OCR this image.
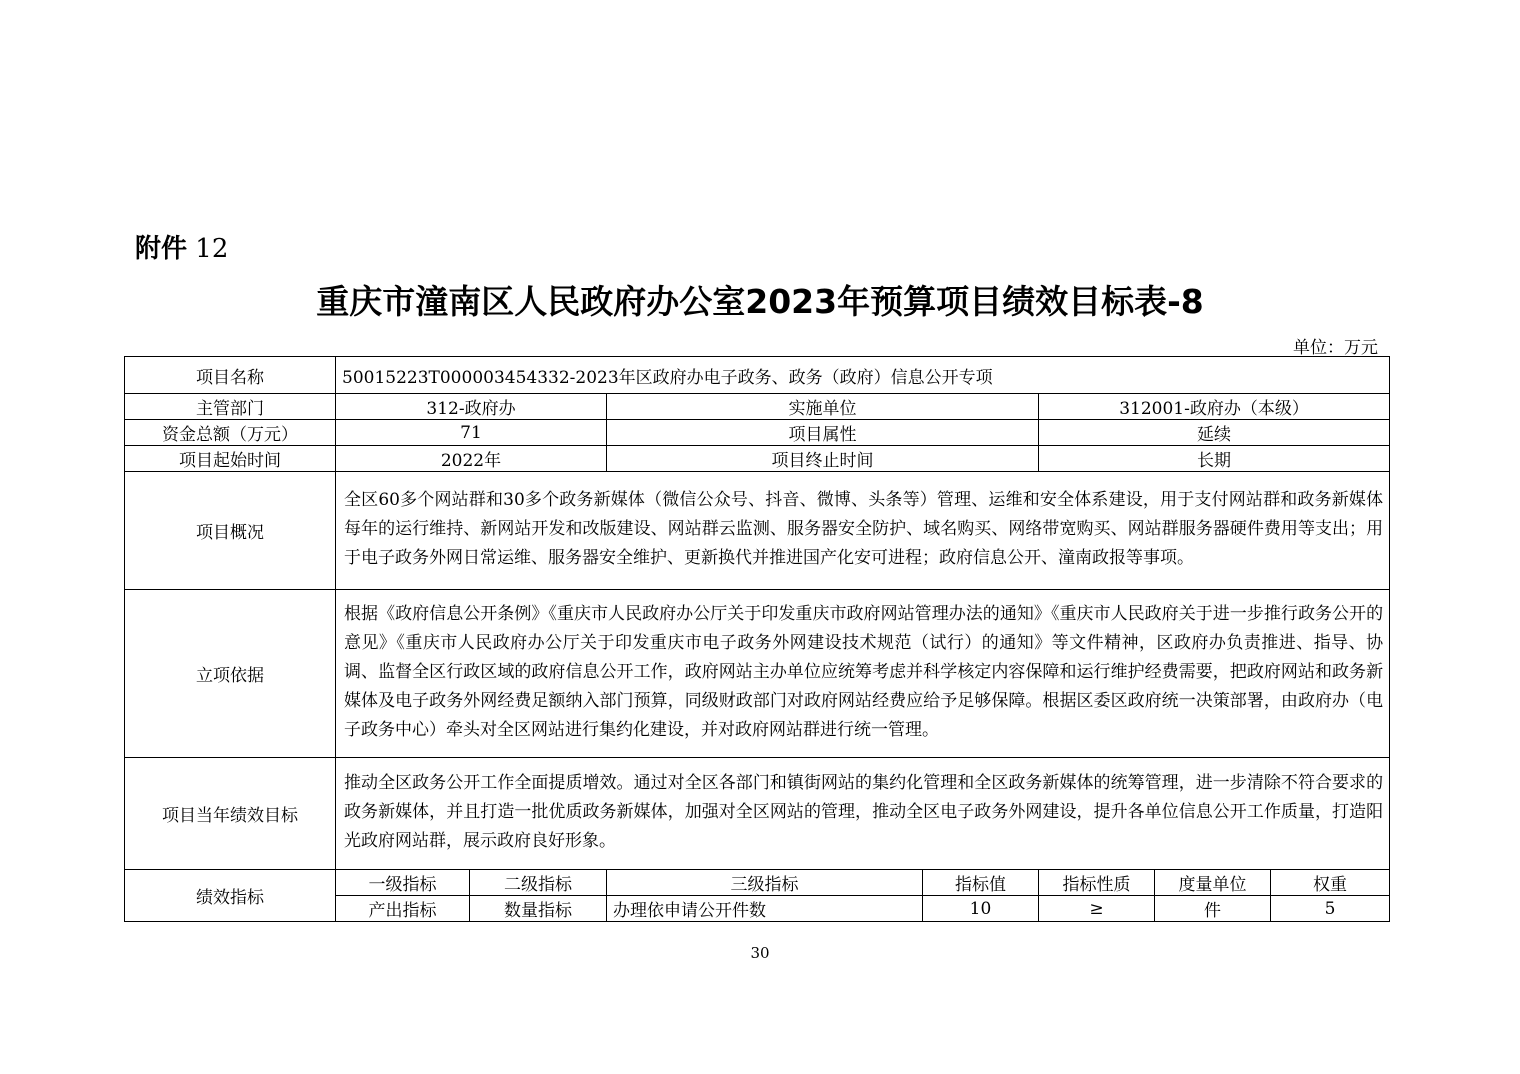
附件 12
重庆市潼南区人民政府办公室2023年预算项目绩效目标表-8
单位：万元
项目名称	50015223T000003454332-2023年区政府办电子政务、政务（政府）信息公开专项						
主管部门	312-政府办		实施单位		312001-政府办（本级）		
资金总额（万元）	71		项目属性		延续		
项目起始时间	2022年		项目终止时间		长期		
项目概况	全区60多个网站群和30多个政务新媒体（微信公众号、抖音、微博、头条等）管理、运维和安全体系建设，用于支付网站群和政务新媒体每年的运行维持、新网站开发和改版建设、网站群云监测、服务器安全防护、域名购买、网络带宽购买、网站群服务器硬件费用等支出；用于电子政务外网日常运维、服务器安全维护、更新换代并推进国产化安可进程；政府信息公开、潼南政报等事项。						
立项依据	根据《政府信息公开条例》《重庆市人民政府办公厅关于印发重庆市政府网站管理办法的通知》《重庆市人民政府关于进一步推行政务公开的意见》《重庆市人民政府办公厅关于印发重庆市电子政务外网建设技术规范（试行）的通知》等文件精神，区政府办负责推进、指导、协调、监督全区行政区域的政府信息公开工作，政府网站主办单位应统筹考虑并科学核定内容保障和运行维护经费需要，把政府网站和政务新媒体及电子政务外网经费足额纳入部门预算，同级财政部门对政府网站经费应给予足够保障。根据区委区政府统一决策部署，由政府办（电子政务中心）牵头对全区网站进行集约化建设，并对政府网站群进行统一管理。						
项目当年绩效目标	推动全区政务公开工作全面提质增效。通过对全区各部门和镇街网站的集约化管理和全区政务新媒体的统筹管理，进一步清除不符合要求的政务新媒体，并且打造一批优质政务新媒体，加强对全区网站的管理，推动全区电子政务外网建设，提升各单位信息公开工作质量，打造阳光政府网站群，展示政府良好形象。						
绩效指标	一级指标	二级指标	三级指标	指标值	指标性质	度量单位	权重
	产出指标	数量指标	办理依申请公开件数	10	≥	件	5
30
